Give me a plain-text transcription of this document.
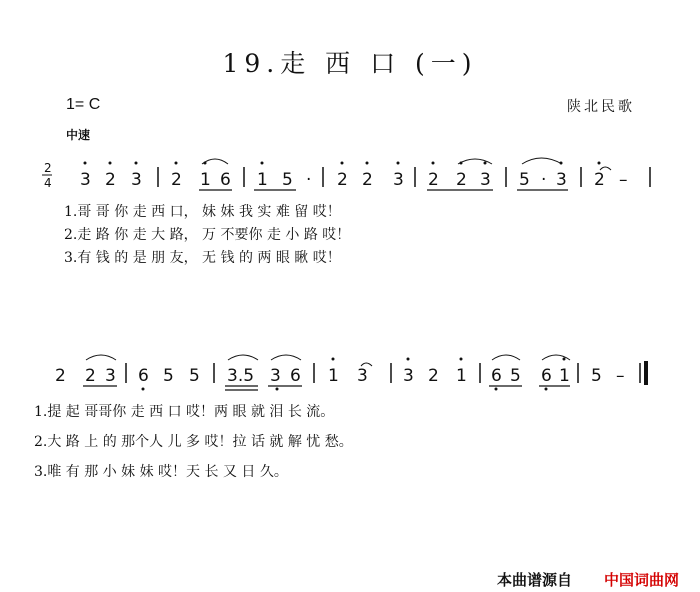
19.走 西 口 (一)
1= C	陕北民歌
中速
2
4 3 2 3 2 1 6 1 5 · 2 2 3 2 2 3 5 · 3 2 –
2 2 3 6 5 5 3.5 3 6 1 3 3 2 1 6 5 6 1 5 –
1.哥 哥 你 走 西 口， 妹 妹 我 实 难 留 哎！
2.走 路 你 走 大 路， 万 不要你 走 小 路 哎！
3.有 钱 的 是 朋 友， 无 钱 的 两 眼 瞅 哎！
1.提 起 哥哥你 走 西 口 哎！两 眼 就 泪 长 流。
2.大 路 上 的 那个人 儿 多 哎！拉 话 就 解 忧 愁。
3.唯 有 那 小 妹 妹 哎！天 长 又 日 久。
本曲谱源自 中国词曲网
